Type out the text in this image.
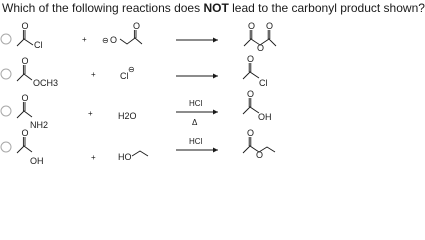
Which of the following reactions does NOT lead to the carbonyl product shown?
O
Cl
+
O
O
⊖
O O
O
O
OCH3
+	Cl
⊖
O
Cl
O
NH2
+	H2O
HCl
Δ
O
OH
O
OH	+ HO
HCl
O
O
